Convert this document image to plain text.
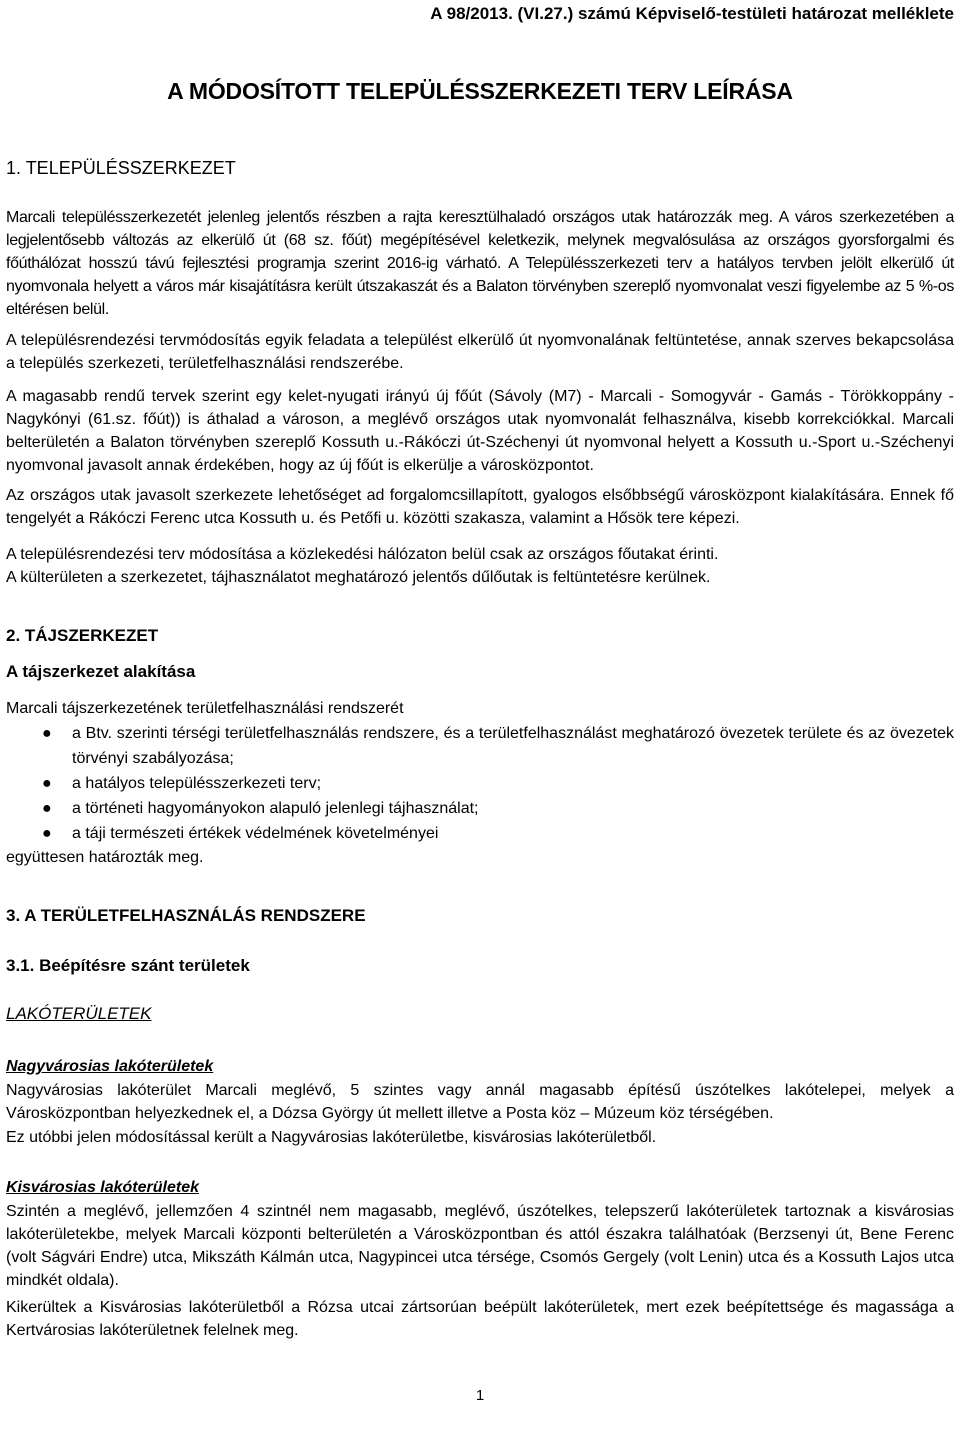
A 98/2013. (VI.27.) számú Képviselő-testületi határozat melléklete
A MÓDOSÍTOTT TELEPÜLÉSSZERKEZETI TERV LEÍRÁSA
1. TELEPÜLÉSSZERKEZET
Marcali településszerkezetét jelenleg jelentős részben a rajta keresztülhaladó országos utak határozzák meg. A város szerkezetében a legjelentősebb változás az elkerülő út (68 sz. főút) megépítésével keletkezik, melynek megvalósulása az országos gyorsforgalmi és főúthálózat hosszú távú fejlesztési programja szerint 2016-ig várható. A Településszerkezeti terv a hatályos tervben jelölt elkerülő út nyomvonala helyett a város már kisajátításra került útszakaszát és a Balaton törvényben szereplő nyomvonalat veszi figyelembe az 5 %-os eltérésen belül.
A településrendezési tervmódosítás egyik feladata a települést elkerülő út nyomvonalának feltüntetése, annak szerves bekapcsolása a település szerkezeti, területfelhasználási rendszerébe.
A magasabb rendű tervek szerint egy kelet-nyugati irányú új főút (Sávoly (M7) - Marcali - Somogyvár - Gamás - Törökkoppány - Nagykónyi (61.sz. főút)) is áthalad a városon, a meglévő országos utak nyomvonalát felhasználva, kisebb korrekciókkal. Marcali belterületén a Balaton törvényben szereplő Kossuth u.-Rákóczi út-Széchenyi út nyomvonal helyett a Kossuth u.-Sport u.-Széchenyi nyomvonal javasolt annak érdekében, hogy az új főút is elkerülje a városközpontot.
Az országos utak javasolt szerkezete lehetőséget ad forgalomcsillapított, gyalogos elsőbbségű városközpont kialakítására. Ennek fő tengelyét a Rákóczi Ferenc utca Kossuth u. és Petőfi u. közötti szakasza, valamint a Hősök tere képezi.
A településrendezési terv módosítása a közlekedési hálózaton belül csak az országos főutakat érinti.
A külterületen a szerkezetet, tájhasználatot meghatározó jelentős dűlőutak is feltüntetésre kerülnek.
2. TÁJSZERKEZET
A tájszerkezet alakítása
Marcali tájszerkezetének területfelhasználási rendszerét
● a Btv. szerinti térségi területfelhasználás rendszere, és a területfelhasználást meghatározó övezetek területe és az övezetek törvényi szabályozása;
● a hatályos településszerkezeti terv;
● a történeti hagyományokon alapuló jelenlegi tájhasználat;
● a táji természeti értékek védelmének követelményei
együttesen határozták meg.
3. A TERÜLETFELHASZNÁLÁS RENDSZERE
3.1. Beépítésre szánt területek
LAKÓTERÜLETEK
Nagyvárosias lakóterületek
Nagyvárosias lakóterület Marcali meglévő, 5 szintes vagy annál magasabb építésű úszótelkes lakótelepei, melyek a Városközpontban helyezkednek el, a Dózsa György út mellett illetve a Posta köz – Múzeum köz térségében.
Ez utóbbi jelen módosítással került a Nagyvárosias lakóterületbe, kisvárosias lakóterületből.
Kisvárosias lakóterületek
Szintén a meglévő, jellemzően 4 szintnél nem magasabb, meglévő, úszótelkes, telepszerű lakóterületek tartoznak a kisvárosias lakóterületekbe, melyek Marcali központi belterületén a Városközpontban és attól északra találhatóak (Berzsenyi út, Bene Ferenc (volt Ságvári Endre) utca, Mikszáth Kálmán utca, Nagypincei utca térsége, Csomós Gergely (volt Lenin) utca és a Kossuth Lajos utca mindkét oldala).
Kikerültek a Kisvárosias lakóterületből a Rózsa utcai zártsorúan beépült lakóterületek, mert ezek beépítettsége és magassága a Kertvárosias lakóterületnek felelnek meg.
1
